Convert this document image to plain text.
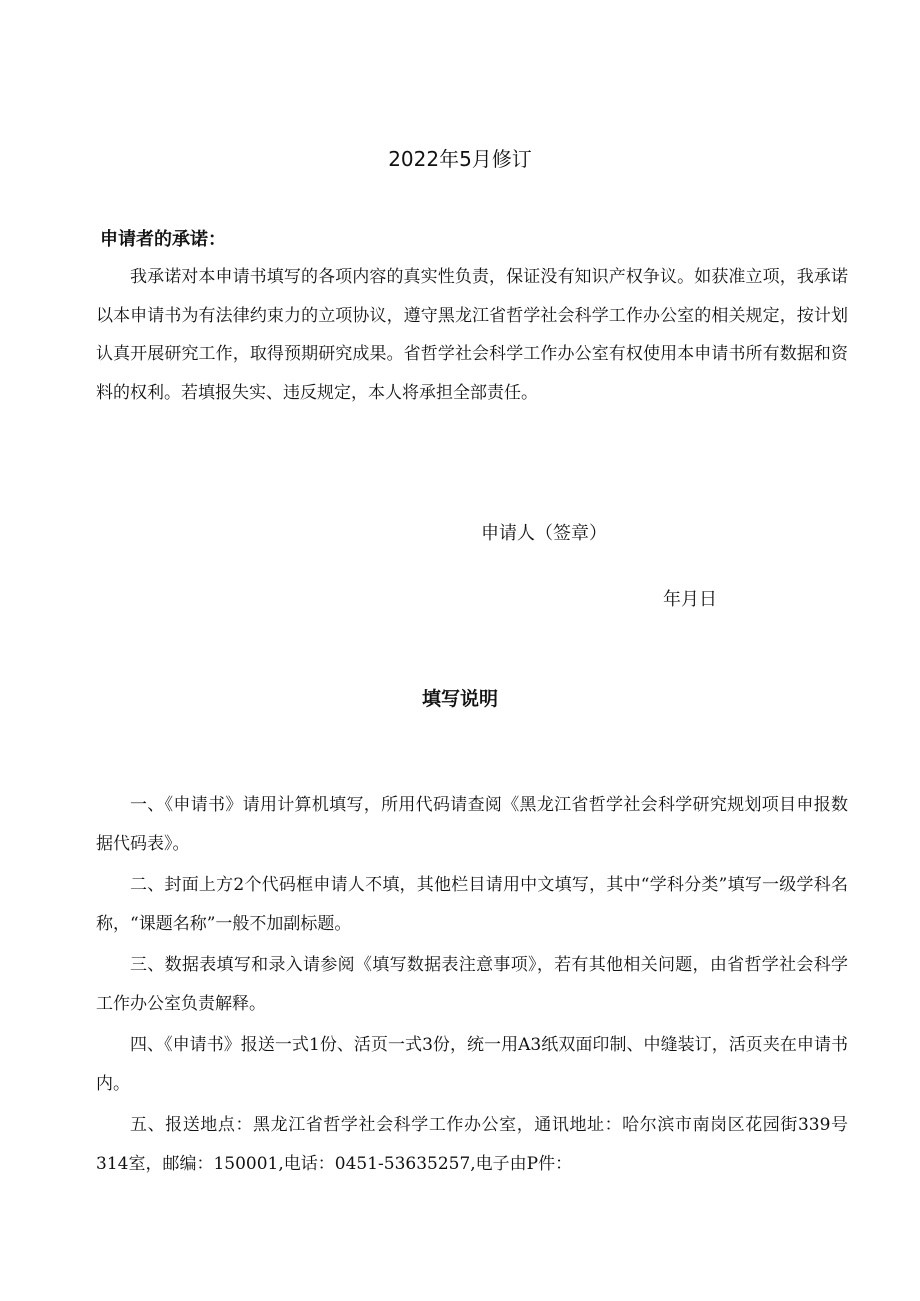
2022年5月修订
申请者的承诺：

我承诺对本申请书填写的各项内容的真实性负责，保证没有知识产权争议。如获准立项，我承诺以本申请书为有法律约束力的立项协议，遵守黑龙江省哲学社会科学工作办公室的相关规定，按计划认真开展研究工作，取得预期研究成果。省哲学社会科学工作办公室有权使用本申请书所有数据和资料的权利。若填报失实、违反规定，本人将承担全部责任。

申请人（签章）
年月日
填写说明

一、《申请书》请用计算机填写，所用代码请查阅《黑龙江省哲学社会科学研究规划项目申报数据代码表》。

二、封面上方2个代码框申请人不填，其他栏目请用中文填写，其中“学科分类”填写一级学科名称，“课题名称”一般不加副标题。

三、数据表填写和录入请参阅《填写数据表注意事项》，若有其他相关问题，由省哲学社会科学工作办公室负责解释。

四、《申请书》报送一式1份、活页一式3份，统一用A3纸双面印制、中缝装订，活页夹在申请书内。

五、报送地点：黑龙江省哲学社会科学工作办公室，通讯地址：哈尔滨市南岗区花园街339号314室，邮编：150001,电话：0451-53635257,电子由P件：
